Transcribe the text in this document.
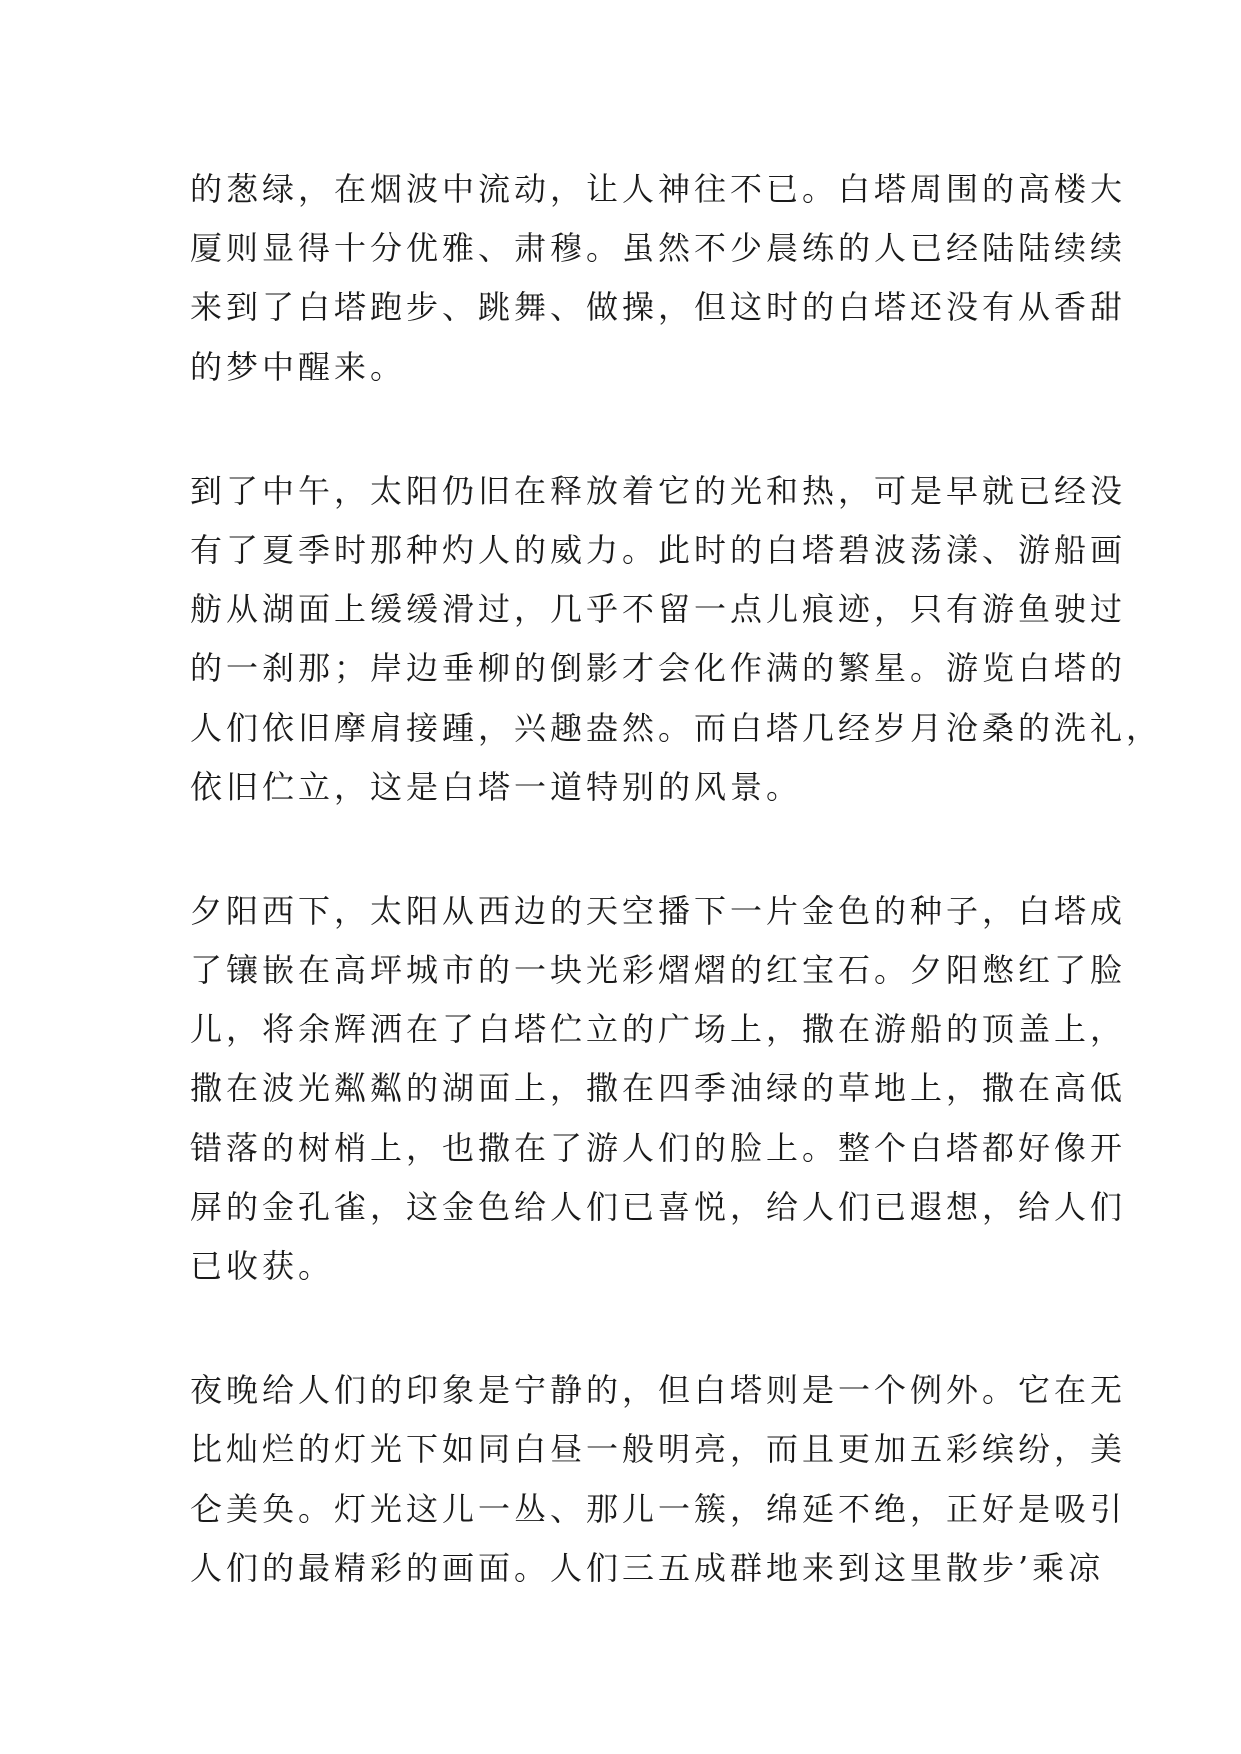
的葱绿，在烟波中流动，让人神往不已。白塔周围的高楼大
厦则显得十分优雅、肃穆。虽然不少晨练的人已经陆陆续续
来到了白塔跑步、跳舞、做操，但这时的白塔还没有从香甜
的梦中醒来。
到了中午，太阳仍旧在释放着它的光和热，可是早就已经没
有了夏季时那种灼人的威力。此时的白塔碧波荡漾、游船画
舫从湖面上缓缓滑过，几乎不留一点儿痕迹，只有游鱼驶过
的一刹那；岸边垂柳的倒影才会化作满的繁星。游览白塔的
人们依旧摩肩接踵，兴趣盎然。而白塔几经岁月沧桑的洗礼，
依旧伫立，这是白塔一道特别的风景。
夕阳西下，太阳从西边的天空播下一片金色的种子，白塔成
了镶嵌在高坪城市的一块光彩熠熠的红宝石。夕阳憋红了脸
儿，将余辉洒在了白塔伫立的广场上，撒在游船的顶盖上，
撒在波光粼粼的湖面上，撒在四季油绿的草地上，撒在高低
错落的树梢上，也撒在了游人们的脸上。整个白塔都好像开
屏的金孔雀，这金色给人们已喜悦，给人们已遐想，给人们
已收获。
夜晚给人们的印象是宁静的，但白塔则是一个例外。它在无
比灿烂的灯光下如同白昼一般明亮，而且更加五彩缤纷，美
仑美奂。灯光这儿一丛、那儿一簇，绵延不绝，正好是吸引
人们的最精彩的画面。人们三五成群地来到这里散步’乘凉
